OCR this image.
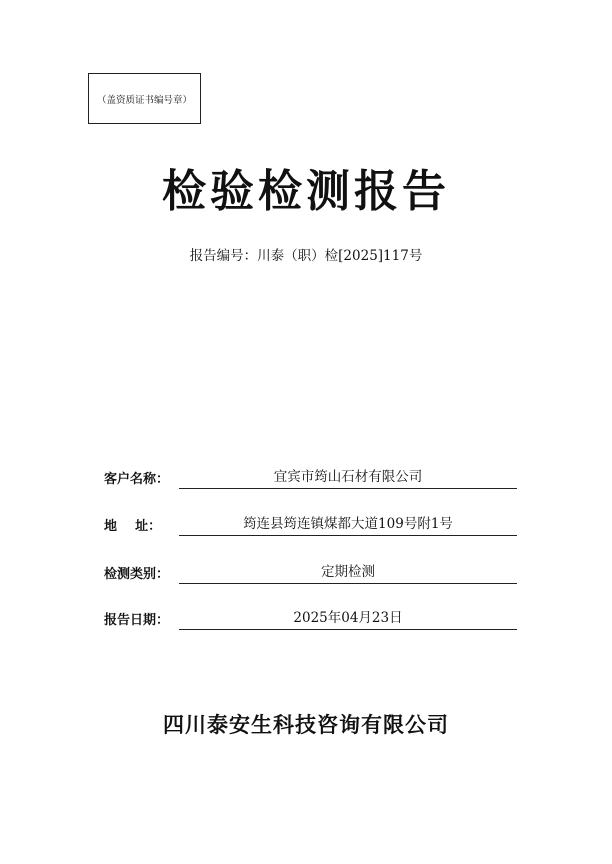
（盖资质证书编号章）
检验检测报告
报告编号：川泰（职）检[2025]117号
客户名称：	宜宾市筠山石材有限公司
地    址：	筠连县筠连镇煤都大道109号附1号
检测类别：	定期检测
报告日期：	2025年04月23日
四川泰安生科技咨询有限公司
